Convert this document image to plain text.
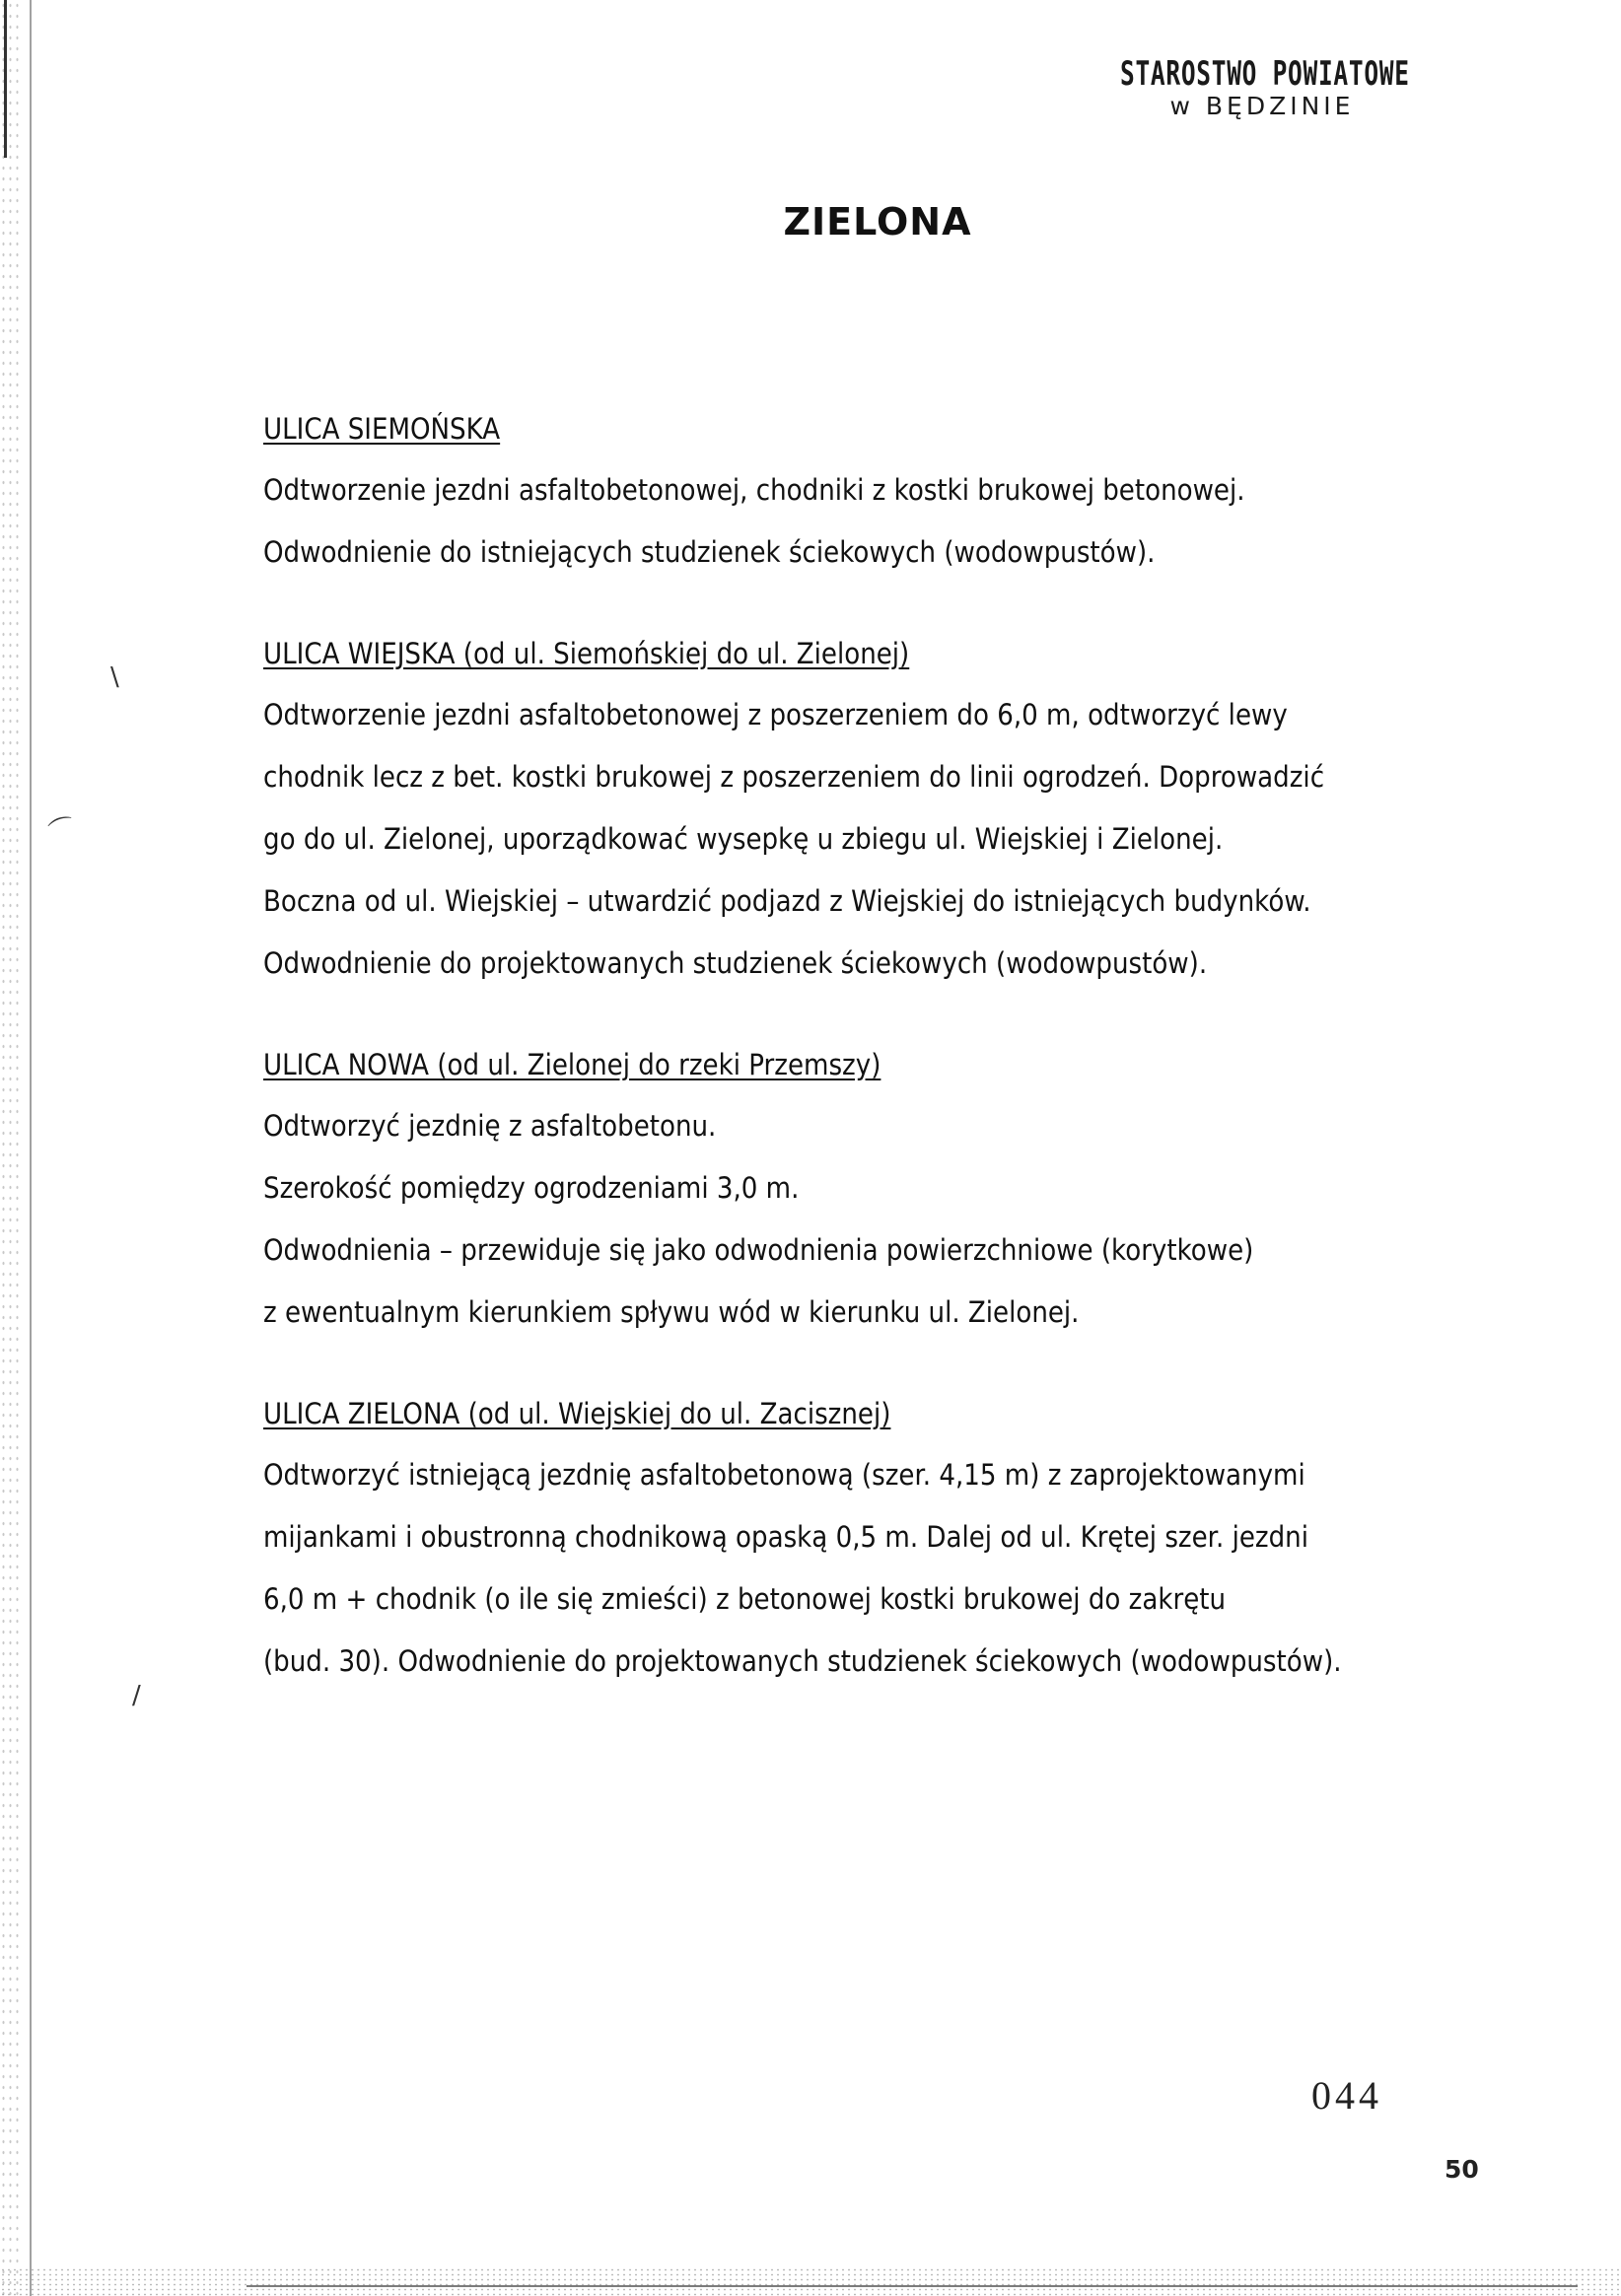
\
⌒
/
STAROSTWO POWIATOWE
w BĘDZINIE
ZIELONA
ULICA SIEMOŃSKA
Odtworzenie jezdni asfaltobetonowej, chodniki z kostki brukowej betonowej.
Odwodnienie do istniejących studzienek ściekowych (wodowpustów).
ULICA WIEJSKA (od ul. Siemońskiej do ul. Zielonej)
Odtworzenie jezdni asfaltobetonowej z poszerzeniem do 6,0 m, odtworzyć lewy
chodnik lecz z bet. kostki brukowej z poszerzeniem do linii ogrodzeń. Doprowadzić
go do ul. Zielonej, uporządkować wysepkę u zbiegu ul. Wiejskiej i Zielonej.
Boczna od ul. Wiejskiej – utwardzić podjazd z Wiejskiej do istniejących budynków.
Odwodnienie do projektowanych studzienek ściekowych (wodowpustów).
ULICA NOWA (od ul. Zielonej do rzeki Przemszy)
Odtworzyć jezdnię z asfaltobetonu.
Szerokość pomiędzy ogrodzeniami 3,0 m.
Odwodnienia – przewiduje się jako odwodnienia powierzchniowe (korytkowe)
z ewentualnym kierunkiem spływu wód w kierunku ul. Zielonej.
ULICA ZIELONA (od ul. Wiejskiej do ul. Zacisznej)
Odtworzyć istniejącą jezdnię asfaltobetonową (szer. 4,15 m) z zaprojektowanymi
mijankami i obustronną chodnikową opaską 0,5 m. Dalej od ul. Krętej szer. jezdni
6,0 m + chodnik (o ile się zmieści) z betonowej kostki brukowej do zakrętu
(bud. 30). Odwodnienie do projektowanych studzienek ściekowych (wodowpustów).
044
50
